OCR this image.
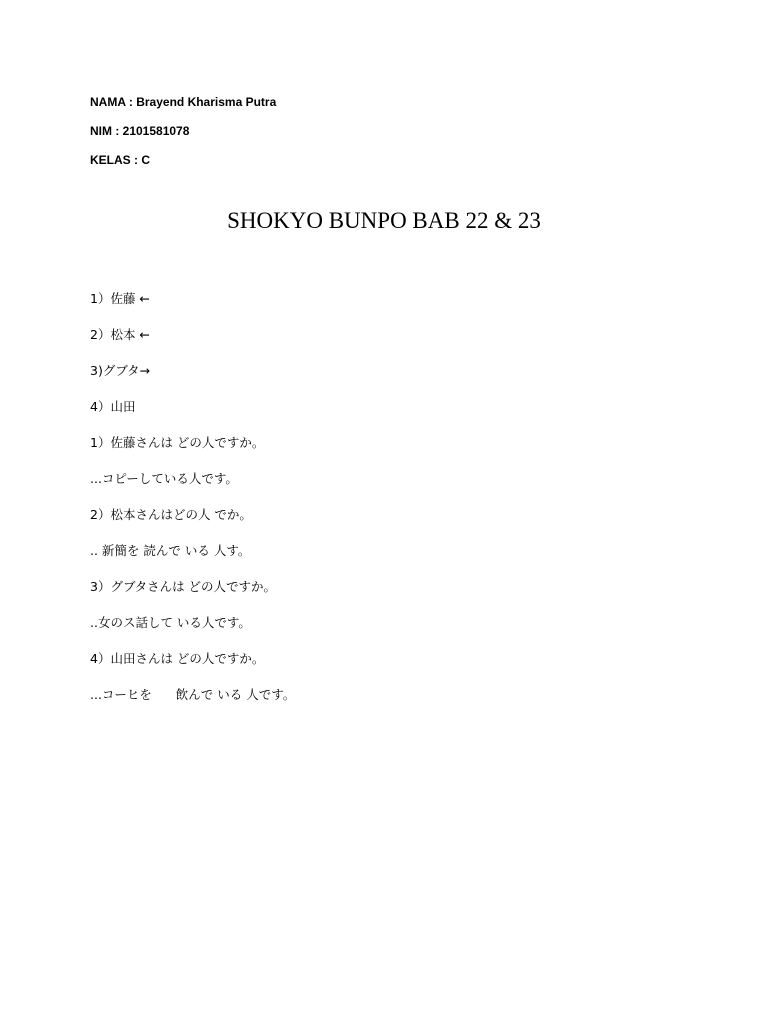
NAMA : Brayend Kharisma Putra
NIM : 2101581078
KELAS : C
SHOKYO BUNPO BAB 22 & 23
1）佐藤 ←
2）松本 ←
3)グブタ→
4）山田
1）佐藤さんは どの人ですか。
...コピーしている人です。
2）松本さんはどの人 でか。
.. 新簡を 読んで いる 人す。
3）グブタさんは どの人ですか。
..女のス話して いる人です。
4）山田さんは どの人ですか。
...コーヒを      飲んで いる 人です。
